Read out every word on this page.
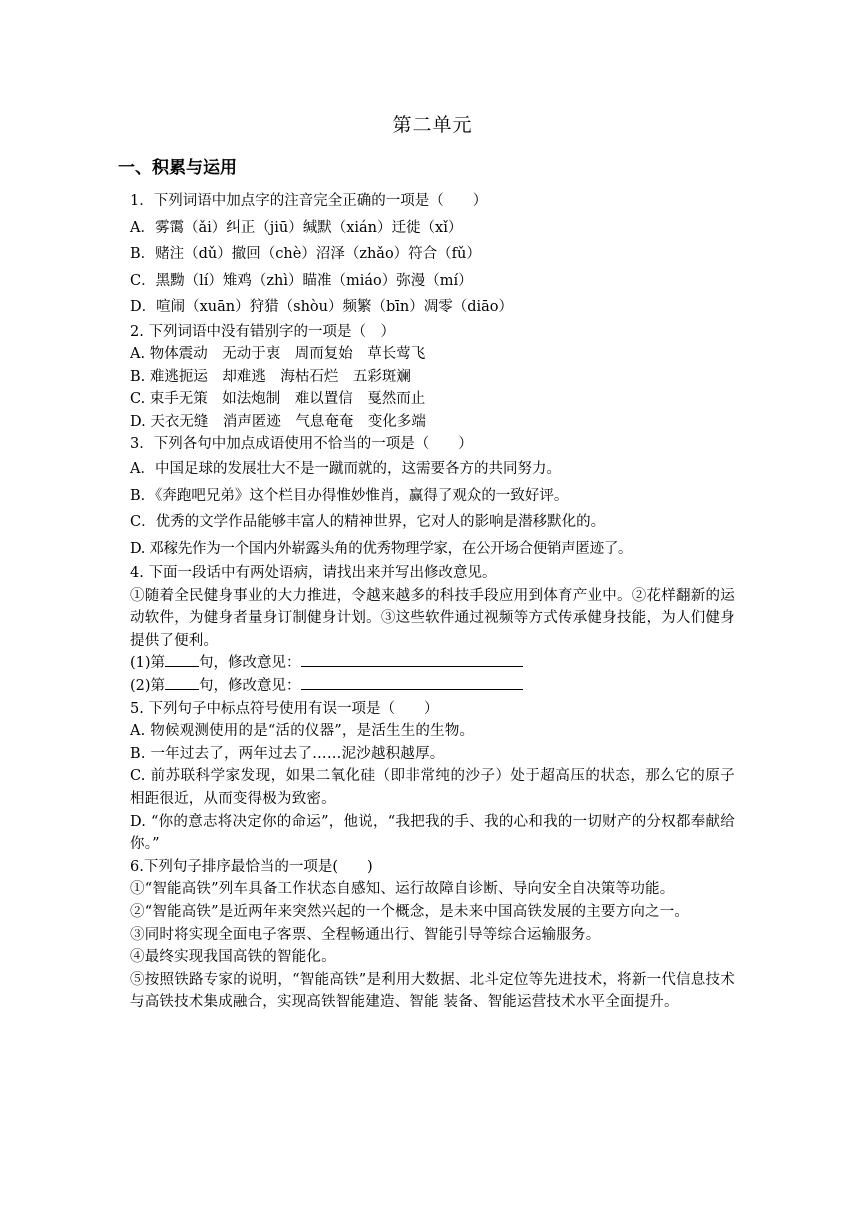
第二单元
一、积累与运用
1．下列词语中加点字的注音完全正确的一项是（　　）
A．雾霭（ǎi）纠正（jiū）缄默（xián）迁徙（xǐ）
B．赌注（dǔ）撤回（chè）沼泽（zhǎo）符合（fǔ）
C．黑黝（lí）雉鸡（zhì）瞄准（miáo）弥漫（mí）
D．喧闹（xuān）狩猎（shòu）频繁（bīn）凋零（diāo）
2. 下列词语中没有错别字的一项是（　）
A. 物体震动　无动于衷　周而复始　草长莺飞
B. 难逃扼运　却难逃　海枯石烂　五彩斑斓
C. 束手无策　如法炮制　难以置信　戛然而止
D. 天衣无缝　消声匿迹　气息奄奄　变化多端
3．下列各句中加点成语使用不恰当的一项是（　　）
A．中国足球的发展壮大不是一蹴而就的，这需要各方的共同努力。
B．《奔跑吧兄弟》这个栏目办得惟妙惟肖，赢得了观众的一致好评。
C．优秀的文学作品能够丰富人的精神世界，它对人的影响是潜移默化的。
D. 邓稼先作为一个国内外崭露头角的优秀物理学家，在公开场合便销声匿迹了。
4. 下面一段话中有两处语病，请找出来并写出修改意见。
①随着全民健身事业的大力推进，令越来越多的科技手段应用到体育产业中。②花样翻新的运动软件，为健身者量身订制健身计划。③这些软件通过视频等方式传承健身技能，为人们健身提供了便利。
(1)第 句，修改意见：
(2)第 句，修改意见：
5. 下列句子中标点符号使用有误一项是（　　）
A. 物候观测使用的是“活的仪器”，是活生生的生物。
B. 一年过去了，两年过去了……泥沙越积越厚。
C. 前苏联科学家发现，如果二氧化硅（即非常纯的沙子）处于超高压的状态，那么它的原子相距很近，从而变得极为致密。
D. “你的意志将决定你的命运”，他说，“我把我的手、我的心和我的一切财产的分权都奉献给你。”
6.下列句子排序最恰当的一项是(　　)
①“智能高铁”列车具备工作状态自感知、运行故障自诊断、导向安全自决策等功能。
②“智能高铁”是近两年来突然兴起的一个概念，是未来中国高铁发展的主要方向之一。
③同时将实现全面电子客票、全程畅通出行、智能引导等综合运输服务。
④最终实现我国高铁的智能化。
⑤按照铁路专家的说明，“智能高铁”是利用大数据、北斗定位等先进技术，将新一代信息技术与高铁技术集成融合，实现高铁智能建造、智能 装备、智能运营技术水平全面提升。
